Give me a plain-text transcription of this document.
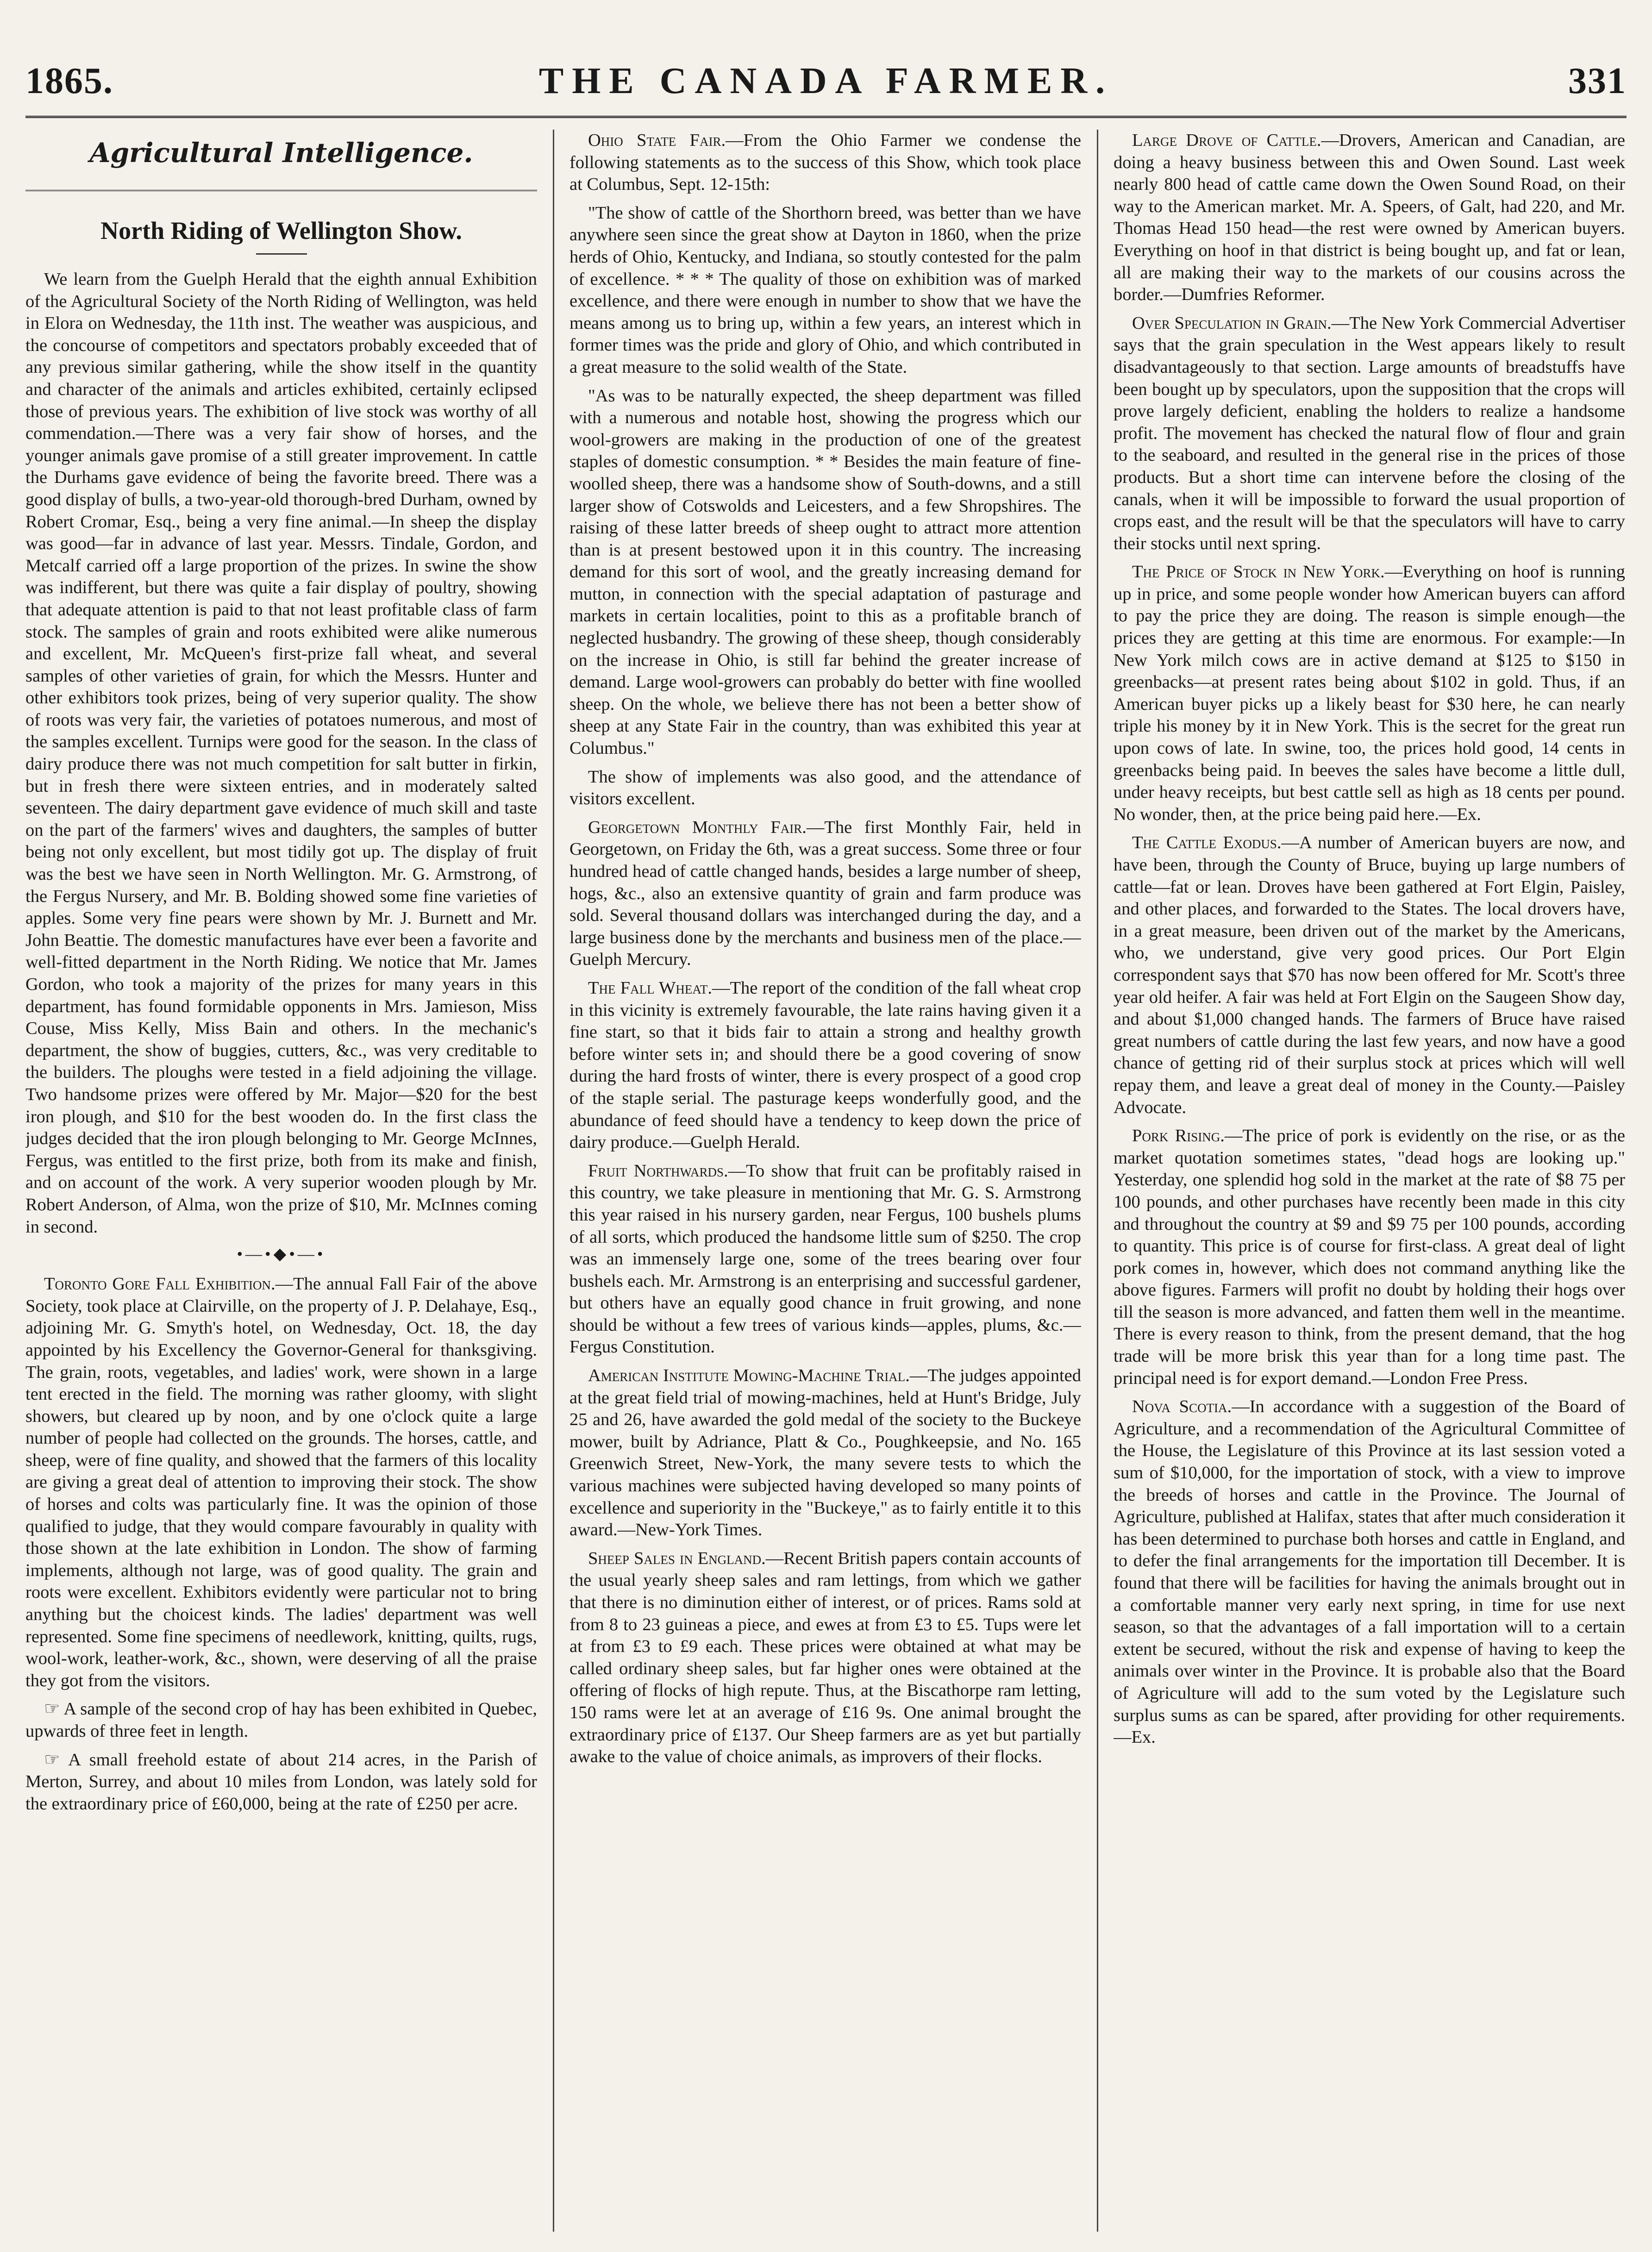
1865.	THE CANADA FARMER.	331
Agricultural Intelligence.
North Riding of Wellington Show.

We learn from the Guelph Herald that the eighth annual Exhibition of the Agricultural Society of the North Riding of Wellington, was held in Elora on Wednesday, the 11th inst. The weather was auspicious, and the concourse of competitors and spectators probably exceeded that of any previous similar gathering, while the show itself in the quantity and character of the animals and articles exhibited, certainly eclipsed those of previous years. The exhibition of live stock was worthy of all commendation.—There was a very fair show of horses, and the younger animals gave promise of a still greater improvement. In cattle the Durhams gave evidence of being the favorite breed. There was a good display of bulls, a two-year-old thorough-bred Durham, owned by Robert Cromar, Esq., being a very fine animal.—In sheep the display was good—far in advance of last year. Messrs. Tindale, Gordon, and Metcalf carried off a large proportion of the prizes. In swine the show was indifferent, but there was quite a fair display of poultry, showing that adequate attention is paid to that not least profitable class of farm stock. The samples of grain and roots exhibited were alike numerous and excellent, Mr. McQueen's first-prize fall wheat, and several samples of other varieties of grain, for which the Messrs. Hunter and other exhibitors took prizes, being of very superior quality. The show of roots was very fair, the varieties of potatoes numerous, and most of the samples excellent. Turnips were good for the season. In the class of dairy produce there was not much competition for salt butter in firkin, but in fresh there were sixteen entries, and in moderately salted seventeen. The dairy department gave evidence of much skill and taste on the part of the farmers' wives and daughters, the samples of butter being not only excellent, but most tidily got up. The display of fruit was the best we have seen in North Wellington. Mr. G. Armstrong, of the Fergus Nursery, and Mr. B. Bolding showed some fine varieties of apples. Some very fine pears were shown by Mr. J. Burnett and Mr. John Beattie. The domestic manufactures have ever been a favorite and well-fitted department in the North Riding. We notice that Mr. James Gordon, who took a majority of the prizes for many years in this department, has found formidable opponents in Mrs. Jamieson, Miss Couse, Miss Kelly, Miss Bain and others. In the mechanic's department, the show of buggies, cutters, &c., was very creditable to the builders. The ploughs were tested in a field adjoining the village. Two handsome prizes were offered by Mr. Major—$20 for the best iron plough, and $10 for the best wooden do. In the first class the judges decided that the iron plough belonging to Mr. George McInnes, Fergus, was entitled to the first prize, both from its make and finish, and on account of the work. A very superior wooden plough by Mr. Robert Anderson, of Alma, won the prize of $10, Mr. McInnes coming in second.

•—•◆•—•

Toronto Gore Fall Exhibition.—The annual Fall Fair of the above Society, took place at Clairville, on the property of J. P. Delahaye, Esq., adjoining Mr. G. Smyth's hotel, on Wednesday, Oct. 18, the day appointed by his Excellency the Governor-General for thanksgiving. The grain, roots, vegetables, and ladies' work, were shown in a large tent erected in the field. The morning was rather gloomy, with slight showers, but cleared up by noon, and by one o'clock quite a large number of people had collected on the grounds. The horses, cattle, and sheep, were of fine quality, and showed that the farmers of this locality are giving a great deal of attention to improving their stock. The show of horses and colts was particularly fine. It was the opinion of those qualified to judge, that they would compare favourably in quality with those shown at the late exhibition in London. The show of farming implements, although not large, was of good quality. The grain and roots were excellent. Exhibitors evidently were particular not to bring anything but the choicest kinds. The ladies' department was well represented. Some fine specimens of needlework, knitting, quilts, rugs, wool-work, leather-work, &c., shown, were deserving of all the praise they got from the visitors.

☞ A sample of the second crop of hay has been exhibited in Quebec, upwards of three feet in length.

☞ A small freehold estate of about 214 acres, in the Parish of Merton, Surrey, and about 10 miles from London, was lately sold for the extraordinary price of £60,000, being at the rate of £250 per acre.

Ohio State Fair.—From the Ohio Farmer we condense the following statements as to the success of this Show, which took place at Columbus, Sept. 12-15th:

"The show of cattle of the Shorthorn breed, was better than we have anywhere seen since the great show at Dayton in 1860, when the prize herds of Ohio, Kentucky, and Indiana, so stoutly contested for the palm of excellence. * * * The quality of those on exhibition was of marked excellence, and there were enough in number to show that we have the means among us to bring up, within a few years, an interest which in former times was the pride and glory of Ohio, and which contributed in a great measure to the solid wealth of the State.

"As was to be naturally expected, the sheep department was filled with a numerous and notable host, showing the progress which our wool-growers are making in the production of one of the greatest staples of domestic consumption. * * Besides the main feature of fine-woolled sheep, there was a handsome show of South-downs, and a still larger show of Cotswolds and Leicesters, and a few Shropshires. The raising of these latter breeds of sheep ought to attract more attention than is at present bestowed upon it in this country. The increasing demand for this sort of wool, and the greatly increasing demand for mutton, in connection with the special adaptation of pasturage and markets in certain localities, point to this as a profitable branch of neglected husbandry. The growing of these sheep, though considerably on the increase in Ohio, is still far behind the greater increase of demand. Large wool-growers can probably do better with fine woolled sheep. On the whole, we believe there has not been a better show of sheep at any State Fair in the country, than was exhibited this year at Columbus."

The show of implements was also good, and the attendance of visitors excellent.

Georgetown Monthly Fair.—The first Monthly Fair, held in Georgetown, on Friday the 6th, was a great success. Some three or four hundred head of cattle changed hands, besides a large number of sheep, hogs, &c., also an extensive quantity of grain and farm produce was sold. Several thousand dollars was interchanged during the day, and a large business done by the merchants and business men of the place.—Guelph Mercury.

The Fall Wheat.—The report of the condition of the fall wheat crop in this vicinity is extremely favourable, the late rains having given it a fine start, so that it bids fair to attain a strong and healthy growth before winter sets in; and should there be a good covering of snow during the hard frosts of winter, there is every prospect of a good crop of the staple serial. The pasturage keeps wonderfully good, and the abundance of feed should have a tendency to keep down the price of dairy produce.—Guelph Herald.

Fruit Northwards.—To show that fruit can be profitably raised in this country, we take pleasure in mentioning that Mr. G. S. Armstrong this year raised in his nursery garden, near Fergus, 100 bushels plums of all sorts, which produced the handsome little sum of $250. The crop was an immensely large one, some of the trees bearing over four bushels each. Mr. Armstrong is an enterprising and successful gardener, but others have an equally good chance in fruit growing, and none should be without a few trees of various kinds—apples, plums, &c.—Fergus Constitution.

American Institute Mowing-Machine Trial.—The judges appointed at the great field trial of mowing-machines, held at Hunt's Bridge, July 25 and 26, have awarded the gold medal of the society to the Buckeye mower, built by Adriance, Platt & Co., Poughkeepsie, and No. 165 Greenwich Street, New-York, the many severe tests to which the various machines were subjected having developed so many points of excellence and superiority in the "Buckeye," as to fairly entitle it to this award.—New-York Times.

Sheep Sales in England.—Recent British papers contain accounts of the usual yearly sheep sales and ram lettings, from which we gather that there is no diminution either of interest, or of prices. Rams sold at from 8 to 23 guineas a piece, and ewes at from £3 to £5. Tups were let at from £3 to £9 each. These prices were obtained at what may be called ordinary sheep sales, but far higher ones were obtained at the offering of flocks of high repute. Thus, at the Biscathorpe ram letting, 150 rams were let at an average of £16 9s. One animal brought the extraordinary price of £137. Our Sheep farmers are as yet but partially awake to the value of choice animals, as improvers of their flocks.

Large Drove of Cattle.—Drovers, American and Canadian, are doing a heavy business between this and Owen Sound. Last week nearly 800 head of cattle came down the Owen Sound Road, on their way to the American market. Mr. A. Speers, of Galt, had 220, and Mr. Thomas Head 150 head—the rest were owned by American buyers. Everything on hoof in that district is being bought up, and fat or lean, all are making their way to the markets of our cousins across the border.—Dumfries Reformer.

Over Speculation in Grain.—The New York Commercial Advertiser says that the grain speculation in the West appears likely to result disadvantageously to that section. Large amounts of breadstuffs have been bought up by speculators, upon the supposition that the crops will prove largely deficient, enabling the holders to realize a handsome profit. The movement has checked the natural flow of flour and grain to the seaboard, and resulted in the general rise in the prices of those products. But a short time can intervene before the closing of the canals, when it will be impossible to forward the usual proportion of crops east, and the result will be that the speculators will have to carry their stocks until next spring.

The Price of Stock in New York.—Everything on hoof is running up in price, and some people wonder how American buyers can afford to pay the price they are doing. The reason is simple enough—the prices they are getting at this time are enormous. For example:—In New York milch cows are in active demand at $125 to $150 in greenbacks—at present rates being about $102 in gold. Thus, if an American buyer picks up a likely beast for $30 here, he can nearly triple his money by it in New York. This is the secret for the great run upon cows of late. In swine, too, the prices hold good, 14 cents in greenbacks being paid. In beeves the sales have become a little dull, under heavy receipts, but best cattle sell as high as 18 cents per pound. No wonder, then, at the price being paid here.—Ex.

The Cattle Exodus.—A number of American buyers are now, and have been, through the County of Bruce, buying up large numbers of cattle—fat or lean. Droves have been gathered at Fort Elgin, Paisley, and other places, and forwarded to the States. The local drovers have, in a great measure, been driven out of the market by the Americans, who, we understand, give very good prices. Our Port Elgin correspondent says that $70 has now been offered for Mr. Scott's three year old heifer. A fair was held at Fort Elgin on the Saugeen Show day, and about $1,000 changed hands. The farmers of Bruce have raised great numbers of cattle during the last few years, and now have a good chance of getting rid of their surplus stock at prices which will well repay them, and leave a great deal of money in the County.—Paisley Advocate.

Pork Rising.—The price of pork is evidently on the rise, or as the market quotation sometimes states, "dead hogs are looking up." Yesterday, one splendid hog sold in the market at the rate of $8 75 per 100 pounds, and other purchases have recently been made in this city and throughout the country at $9 and $9 75 per 100 pounds, according to quantity. This price is of course for first-class. A great deal of light pork comes in, however, which does not command anything like the above figures. Farmers will profit no doubt by holding their hogs over till the season is more advanced, and fatten them well in the meantime. There is every reason to think, from the present demand, that the hog trade will be more brisk this year than for a long time past. The principal need is for export demand.—London Free Press.

Nova Scotia.—In accordance with a suggestion of the Board of Agriculture, and a recommendation of the Agricultural Committee of the House, the Legislature of this Province at its last session voted a sum of $10,000, for the importation of stock, with a view to improve the breeds of horses and cattle in the Province. The Journal of Agriculture, published at Halifax, states that after much consideration it has been determined to purchase both horses and cattle in England, and to defer the final arrangements for the importation till December. It is found that there will be facilities for having the animals brought out in a comfortable manner very early next spring, in time for use next season, so that the advantages of a fall importation will to a certain extent be secured, without the risk and expense of having to keep the animals over winter in the Province. It is probable also that the Board of Agriculture will add to the sum voted by the Legislature such surplus sums as can be spared, after providing for other requirements.—Ex.
